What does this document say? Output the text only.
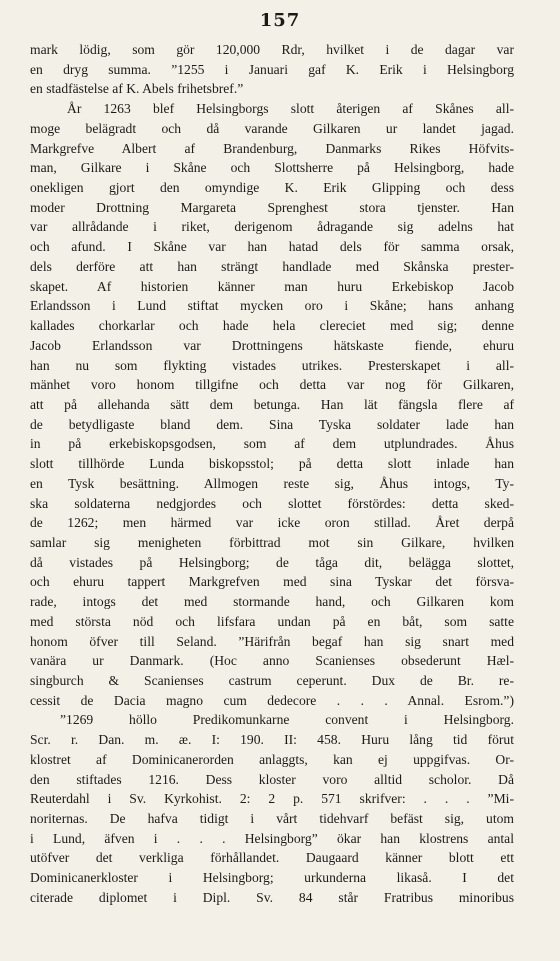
157
mark lödig, som gör 120,000 Rdr, hvilket i de dagar var
en dryg summa. ”1255 i Januari gaf K. Erik i Helsingborg
en stadfästelse af K. Abels frihetsbref.”
År 1263 blef Helsingborgs slott återigen af Skånes all-
moge belägradt och då varande Gilkaren ur landet jagad.
Markgrefve Albert af Brandenburg, Danmarks Rikes Höfvits-
man, Gilkare i Skåne och Slottsherre på Helsingborg, hade
onekligen gjort den omyndige K. Erik Glipping och dess
moder Drottning Margareta Sprenghest stora tjenster. Han
var allrådande i riket, derigenom ådragande sig adelns hat
och afund. I Skåne var han hatad dels för samma orsak,
dels derföre att han strängt handlade med Skånska prester-
skapet. Af historien känner man huru Erkebiskop Jacob
Erlandsson i Lund stiftat mycken oro i Skåne; hans anhang
kallades chorkarlar och hade hela clereciet med sig; denne
Jacob Erlandsson var Drottningens hätskaste fiende, ehuru
han nu som flykting vistades utrikes. Presterskapet i all-
mänhet voro honom tillgifne och detta var nog för Gilkaren,
att på allehanda sätt dem betunga. Han lät fängsla flere af
de betydligaste bland dem. Sina Tyska soldater lade han
in på erkebiskopsgodsen, som af dem utplundrades. Åhus
slott tillhörde Lunda biskopsstol; på detta slott inlade han
en Tysk besättning. Allmogen reste sig, Åhus intogs, Ty-
ska soldaterna nedgjordes och slottet förstördes: detta sked-
de 1262; men härmed var icke oron stillad. Året derpå
samlar sig menigheten förbittrad mot sin Gilkare, hvilken
då vistades på Helsingborg; de tåga dit, belägga slottet,
och ehuru tappert Markgrefven med sina Tyskar det försva-
rade, intogs det med stormande hand, och Gilkaren kom
med största nöd och lifsfara undan på en båt, som satte
honom öfver till Seland. ”Härifrån begaf han sig snart med
vanära ur Danmark. (Hoc anno Scanienses obsederunt Hæl-
singburch & Scanienses castrum ceperunt. Dux de Br. re-
cessit de Dacia magno cum dedecore . . . Annal. Esrom.”)
”1269 höllo Predikomunkarne convent i Helsingborg.
Scr. r. Dan. m. æ. I: 190. II: 458. Huru lång tid förut
klostret af Dominicanerorden anlaggts, kan ej uppgifvas. Or-
den stiftades 1216. Dess kloster voro alltid scholor. Då
Reuterdahl i Sv. Kyrkohist. 2: 2 p. 571 skrifver: . . . ”Mi-
noriternas. De hafva tidigt i vårt tidehvarf befäst sig, utom
i Lund, äfven i . . . Helsingborg” ökar han klostrens antal
utöfver det verkliga förhållandet. Daugaard känner blott ett
Dominicanerkloster i Helsingborg; urkunderna likaså. I det
citerade diplomet i Dipl. Sv. 84 står Fratribus minoribus
